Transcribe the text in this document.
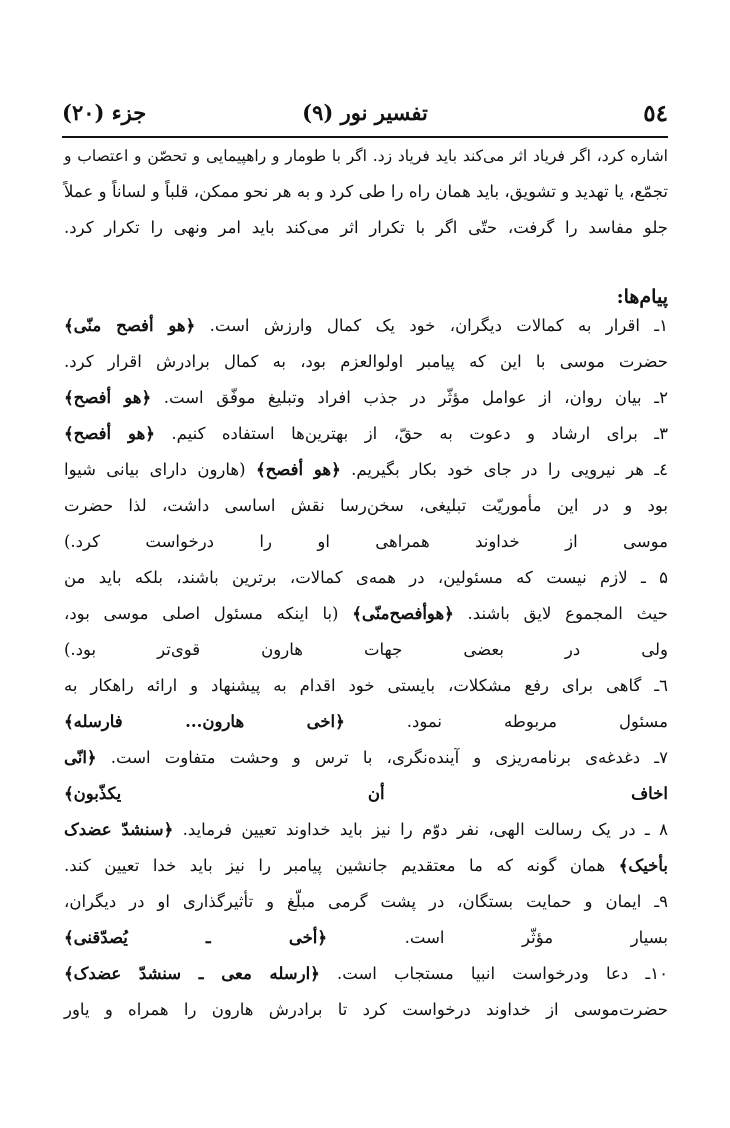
٥٤
تفسیر نور (۹)
جزء (۲۰)
اشاره کرد، اگر فریاد اثر می‌کند باید فریاد زد. اگر با طومار و راهپیمایی و تحصّن و اعتصاب و
تجمّع، یا تهدید و تشویق، باید همان راه را طی کرد و به هر نحو ممکن، قلباً و لساناً و عملاً
جلو مفاسد را گرفت، حتّی اگر با تکرار اثر می‌کند باید امر ونهی را تکرار کرد.
پیام‌ها:
۱ـ اقرار به کمالات دیگران، خود یک کمال وارزش است. ﴿هو أفصح منّی﴾
حضرت موسی با این که پیامبر اولوالعزم بود، به کمال برادرش اقرار کرد.
۲ـ بیان روان، از عوامل مؤثّر در جذب افراد وتبلیغ موفّق است. ﴿هو أفصح﴾
۳ـ برای ارشاد و دعوت به حقّ، از بهترین‌ها استفاده کنیم. ﴿هو أفصح﴾
٤ـ هر نیرویی را در جای خود بکار بگیریم. ﴿هو أفصح﴾ (هارون دارای بیانی شیوا
بود و در این مأموریّت تبلیغی، سخن‌رسا نقش اساسی داشت، لذا حضرت
موسی از خداوند همراهی او را درخواست کرد.)
۵ ـ لازم نیست که مسئولین، در همه‌ی کمالات، برترین باشند، بلکه باید من
حیث المجموع لایق باشند. ﴿هوأفصح‌منّی﴾ (با اینکه مسئول اصلی موسی بود،
ولی در بعضی جهات هارون قوی‌تر بود.)
٦ـ گاهی برای رفع مشکلات، بایستی خود اقدام به پیشنهاد و ارائه راهکار به
مسئول مربوطه نمود. ﴿اخی هارون... فارسله﴾
۷ـ دغدغه‌ی برنامه‌ریزی و آینده‌نگری، با ترس و وحشت متفاوت است. ﴿انّی
اخاف أن یکذّبون﴾
۸ ـ در یک رسالت الهی، نفر دوّم را نیز باید خداوند تعیین فرماید. ﴿سنشدّ عضدک
بأخیک﴾ همان گونه که ما معتقدیم جانشین پیامبر را نیز باید خدا تعیین کند.
۹ـ ایمان و حمایت بستگان، در پشت گرمی مبلّغ و تأثیرگذاری او در دیگران،
بسیار مؤثّر است. ﴿أخی ـ یُصدّقنی﴾
۱۰ـ دعا ودرخواست انبیا مستجاب است. ﴿ارسله معی ـ سنشدّ عضدک﴾
حضرت‌موسی از خداوند درخواست کرد تا برادرش هارون را همراه و یاور
